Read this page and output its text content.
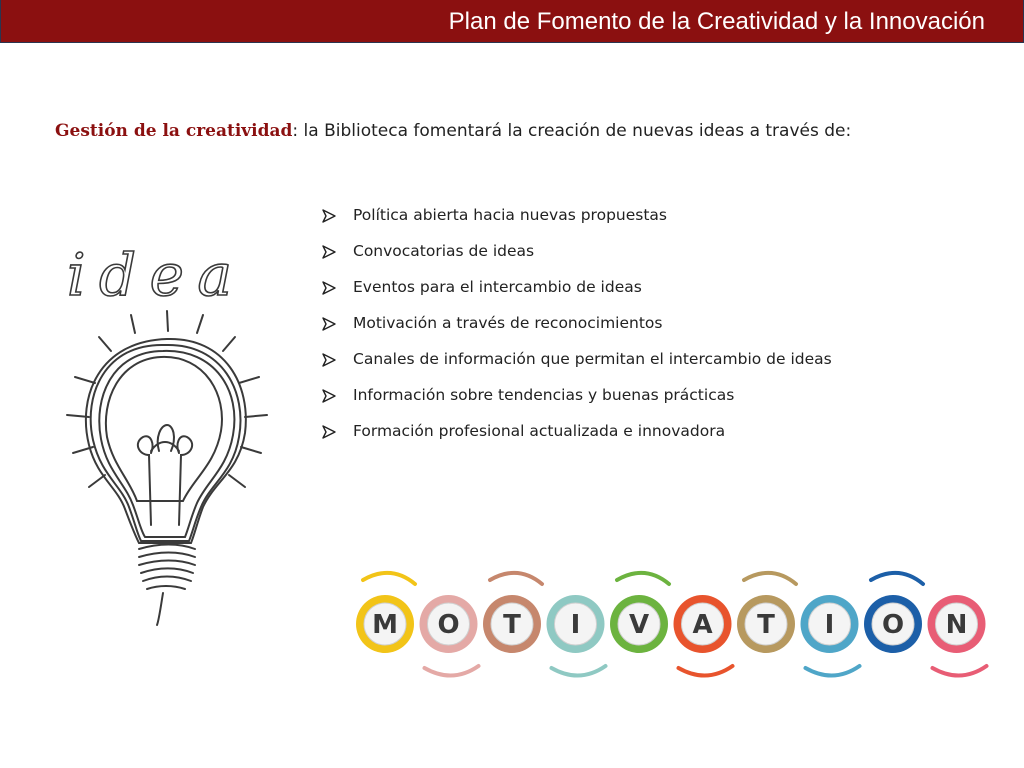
Plan de Fomento de la Creatividad y la Innovación
Gestión de la creatividad: la Biblioteca fomentará la creación de nuevas ideas a través de:
Política abierta hacia nuevas propuestas
Convocatorias de ideas
Eventos para el intercambio de ideas
Motivación a través de reconocimientos
Canales de información que permitan el intercambio de ideas
Información sobre tendencias y buenas prácticas
Formación profesional actualizada e innovadora
idea
M O T I V A T I O N
